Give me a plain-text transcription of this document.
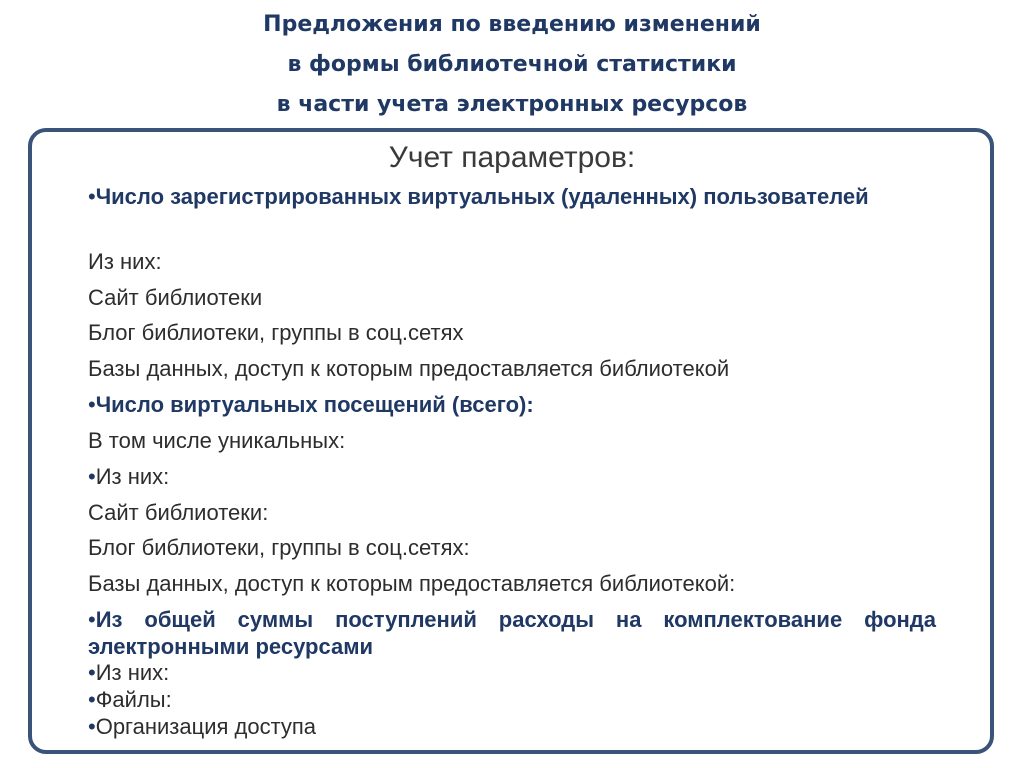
Предложения по введению изменений
в формы библиотечной статистики
в части учета электронных ресурсов
Учет параметров:
•Число зарегистрированных виртуальных (удаленных) пользователей
Из них:
Сайт библиотеки
Блог библиотеки, группы в соц.сетях
Базы данных, доступ к которым предоставляется библиотекой
•Число виртуальных посещений (всего):
В том числе уникальных:
•Из них:
Сайт библиотеки:
Блог библиотеки, группы в соц.сетях:
Базы данных, доступ к которым предоставляется библиотекой:
•Из общей суммы поступлений расходы на комплектование фонда электронными ресурсами
•Из них:
•Файлы:
•Организация доступа
